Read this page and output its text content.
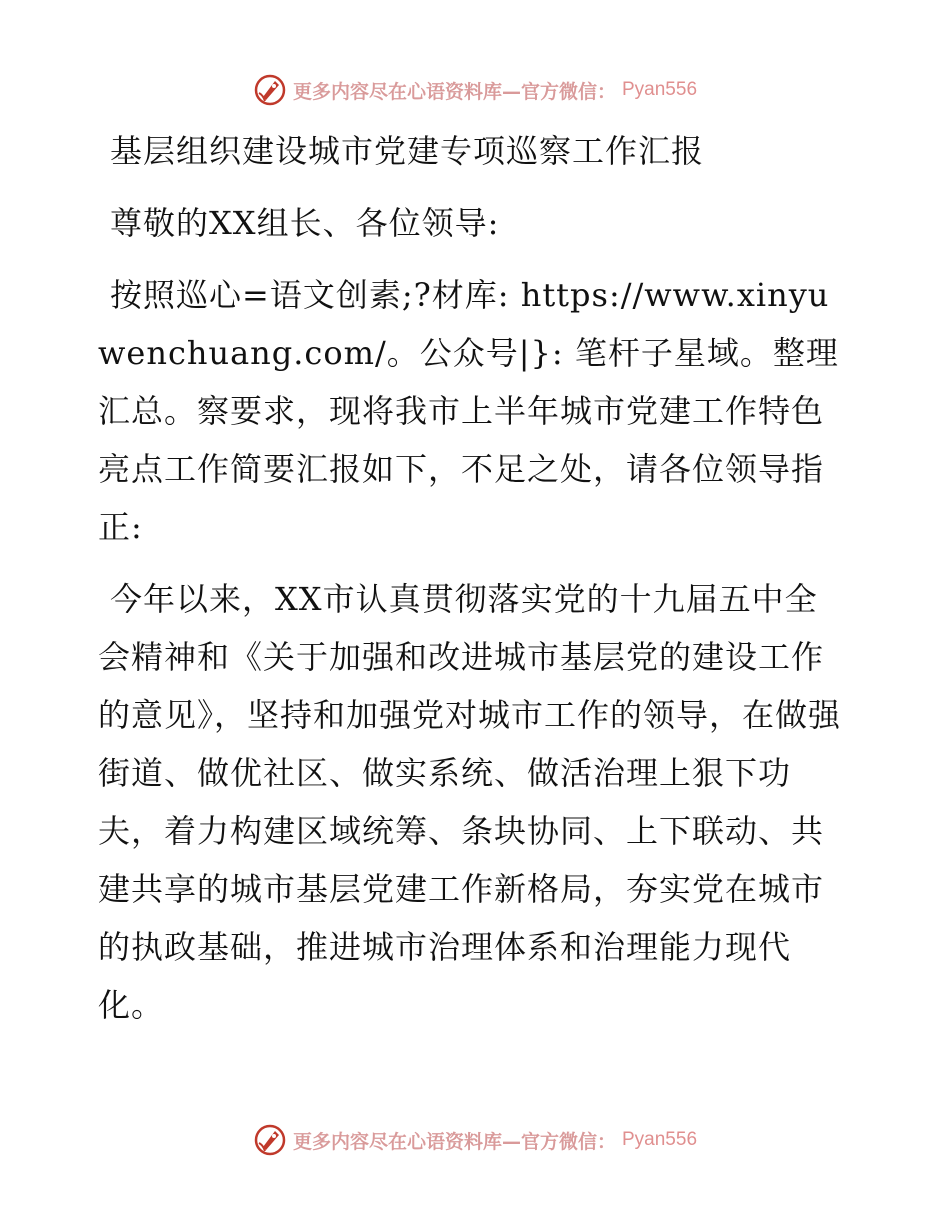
更多内容尽在心语资料库—官方微信： Pyan556

基层组织建设城市党建专项巡察工作汇报

尊敬的XX组长、各位领导:

按照巡心=语文创素;?材库: https://www.xinyuwenchuang.com/。公众号|}: 笔杆子星域。整理汇总。察要求，现将我市上半年城市党建工作特色亮点工作简要汇报如下，不足之处，请各位领导指正:

今年以来，XX市认真贯彻落实党的十九届五中全会精神和《关于加强和改进城市基层党的建设工作的意见》，坚持和加强党对城市工作的领导，在做强街道、做优社区、做实系统、做活治理上狠下功夫，着力构建区域统筹、条块协同、上下联动、共建共享的城市基层党建工作新格局，夯实党在城市的执政基础，推进城市治理体系和治理能力现代化。

更多内容尽在心语资料库—官方微信： Pyan556
